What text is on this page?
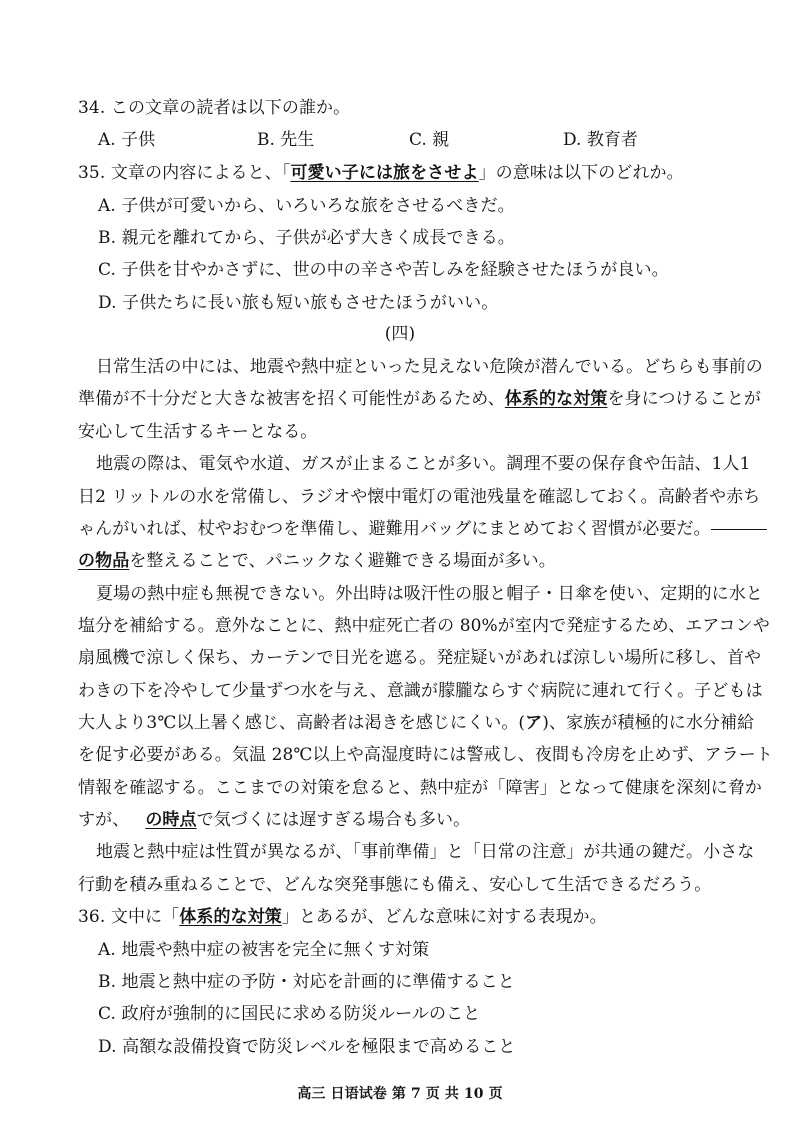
34. この文章の読者は以下の誰か。
A. 子供	B. 先生	C. 親	D. 教育者
35. 文章の内容によると、「可愛い子には旅をさせよ」の意味は以下のどれか。
A. 子供が可愛いから、いろいろな旅をさせるべきだ。
B. 親元を離れてから、子供が必ず大きく成長できる。
C. 子供を甘やかさずに、世の中の辛さや苦しみを経験させたほうが良い。
D. 子供たちに長い旅も短い旅もさせたほうがいい。
(四)
日常生活の中には、地震や熱中症といった見えない危険が潜んでいる。どちらも事前の
準備が不十分だと大きな被害を招く可能性があるため、体系的な対策を身につけることが
安心して生活するキーとなる。
地震の際は、電気や水道、ガスが止まることが多い。調理不要の保存食や缶詰、1人1
日2 リットルの水を常備し、ラジオや懐中電灯の電池残量を確認しておく。高齢者や赤ち
ゃんがいれば、杖やおむつを準備し、避難用バッグにまとめておく習慣が必要だ。
の物品を整えることで、パニックなく避難できる場面が多い。
夏場の熱中症も無視できない。外出時は吸汗性の服と帽子・日傘を使い、定期的に水と
塩分を補給する。意外なことに、熱中症死亡者の 80%が室内で発症するため、エアコンや
扇風機で涼しく保ち、カーテンで日光を遮る。発症疑いがあれば涼しい場所に移し、首や
わきの下を冷やして少量ずつ水を与え、意識が朦朧ならすぐ病院に連れて行く。子どもは
大人より3℃以上暑く感じ、高齢者は渇きを感じにくい。(ア)、家族が積極的に水分補給
を促す必要がある。気温 28℃以上や高湿度時には警戒し、夜間も冷房を止めず、アラート
情報を確認する。ここまでの対策を怠ると、熱中症が「障害」となって健康を深刻に脅か
すが、 の時点で気づくには遅すぎる場合も多い。
地震と熱中症は性質が異なるが、「事前準備」と「日常の注意」が共通の鍵だ。小さな
行動を積み重ねることで、どんな突発事態にも備え、安心して生活できるだろう。
36. 文中に「体系的な対策」とあるが、どんな意味に対する表現か。
A. 地震や熱中症の被害を完全に無くす対策
B. 地震と熱中症の予防・対応を計画的に準備すること
C. 政府が強制的に国民に求める防災ルールのこと
D. 高額な設備投資で防災レベルを極限まで高めること
高三 日语试卷 第 7 页 共 10 页
